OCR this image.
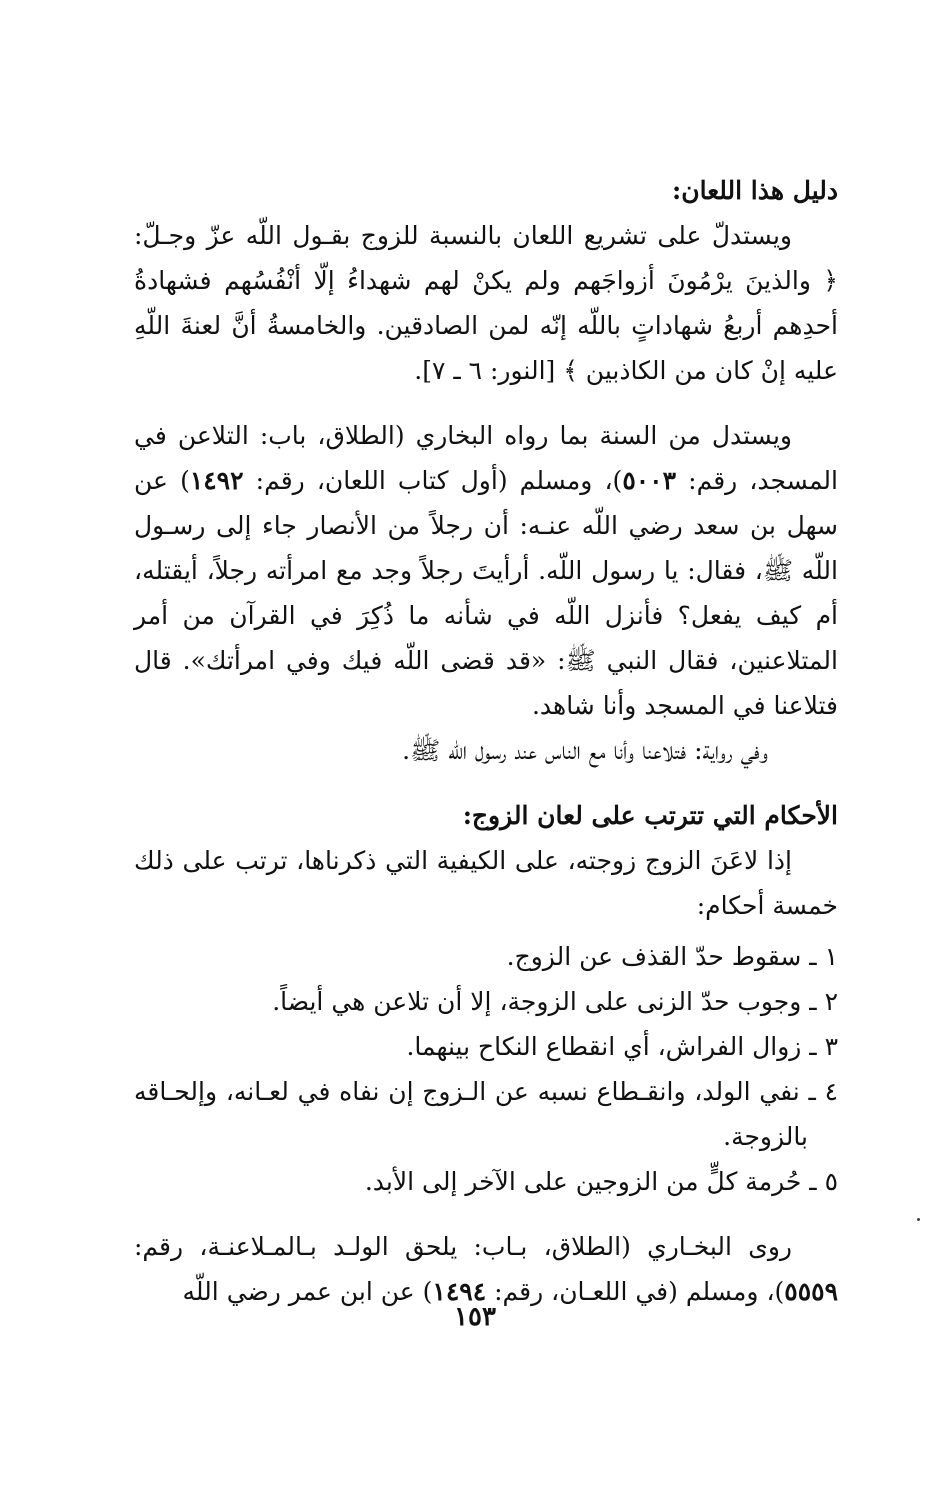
دليل هذا اللعان:

ويستدلّ على تشريع اللعان بالنسبة للزوج بقـول اللّه عزّ وجـلّ: ﴿ والذينَ يرْمُونَ أزواجَهم ولم يكنْ لهم شهداءُ إلّا أنْفُسُهم فشهادةُ أحدِهم أربعُ شهاداتٍ باللّه إنّه لمن الصادقين. والخامسةُ أنَّ لعنةَ اللّهِ عليه إنْ كان من الكاذبين ﴾ [النور: ٦ ـ ٧].

ويستدل من السنة بما رواه البخاري (الطلاق، باب: التلاعن في المسجد، رقم: ٥٠٠٣)، ومسلم (أول كتاب اللعان، رقم: ١٤٩٢) عن سهل بن سعد رضي اللّه عنـه: أن رجلاً من الأنصار جاء إلى رسـول اللّه ﷺ، فقال: يا رسول اللّه. أرأيتَ رجلاً وجد مع امرأته رجلاً، أيقتله، أم كيف يفعل؟ فأنزل اللّه في شأنه ما ذُكِرَ في القرآن من أمر المتلاعنين، فقال النبي ﷺ: «قد قضى اللّه فيك وفي امرأتك». قال فتلاعنا في المسجد وأنا شاهد.

وفي رواية: فتلاعنا وأنا مع الناس عند رسول اللّه ﷺ.

الأحكام التي تترتب على لعان الزوج:

إذا لاعَنَ الزوج زوجته، على الكيفية التي ذكرناها، ترتب على ذلك خمسة أحكام:

١ ـ سقوط حدّ القذف عن الزوج.
٢ ـ وجوب حدّ الزنى على الزوجة، إلا أن تلاعن هي أيضاً.
٣ ـ زوال الفراش، أي انقطاع النكاح بينهما.
٤ ـ نفي الولد، وانقـطاع نسبه عن الـزوج إن نفاه في لعـانه، وإلحـاقه بالزوجة.
٥ ـ حُرمة كلٍّ من الزوجين على الآخر إلى الأبد.

روى البخـاري (الطلاق، بـاب: يلحق الولـد بـالمـلاعنـة، رقم: ٥٥٥٩)، ومسلم (في اللعـان، رقم: ١٤٩٤) عن ابن عمر رضي اللّه

١٥٣
